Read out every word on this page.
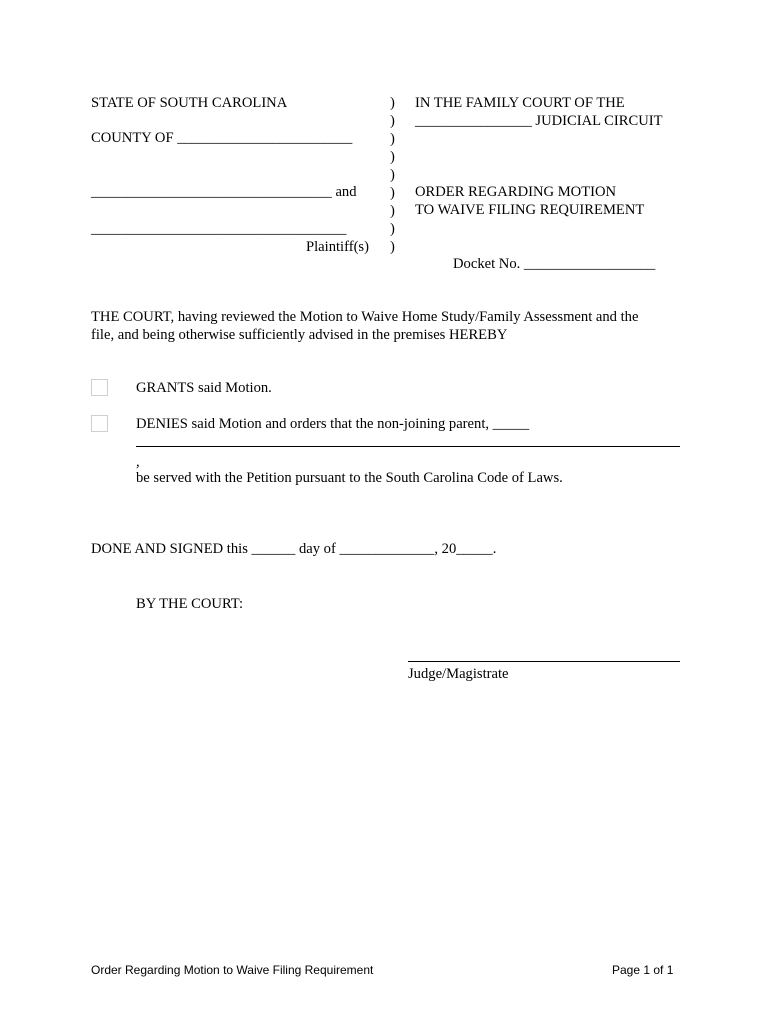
STATE OF SOUTH CAROLINA
COUNTY OF ________________________
_________________________________ and
___________________________________
Plaintiff(s)
)
)
)
)
)
)
)
)
)
IN THE FAMILY COURT OF THE
________________ JUDICIAL CIRCUIT
ORDER REGARDING MOTION
TO WAIVE FILING REQUIREMENT
Docket No. __________________
THE COURT, having reviewed the Motion to Waive Home Study/Family Assessment and the
file, and being otherwise sufficiently advised in the premises HEREBY
GRANTS said Motion.
DENIES said Motion and orders that the non-joining parent, _____
,
be served with the Petition pursuant to the South Carolina Code of Laws.
DONE AND SIGNED this ______ day of _____________, 20_____.
BY THE COURT:
Judge/Magistrate
Order Regarding Motion to Waive Filing Requirement	Page 1 of 1
